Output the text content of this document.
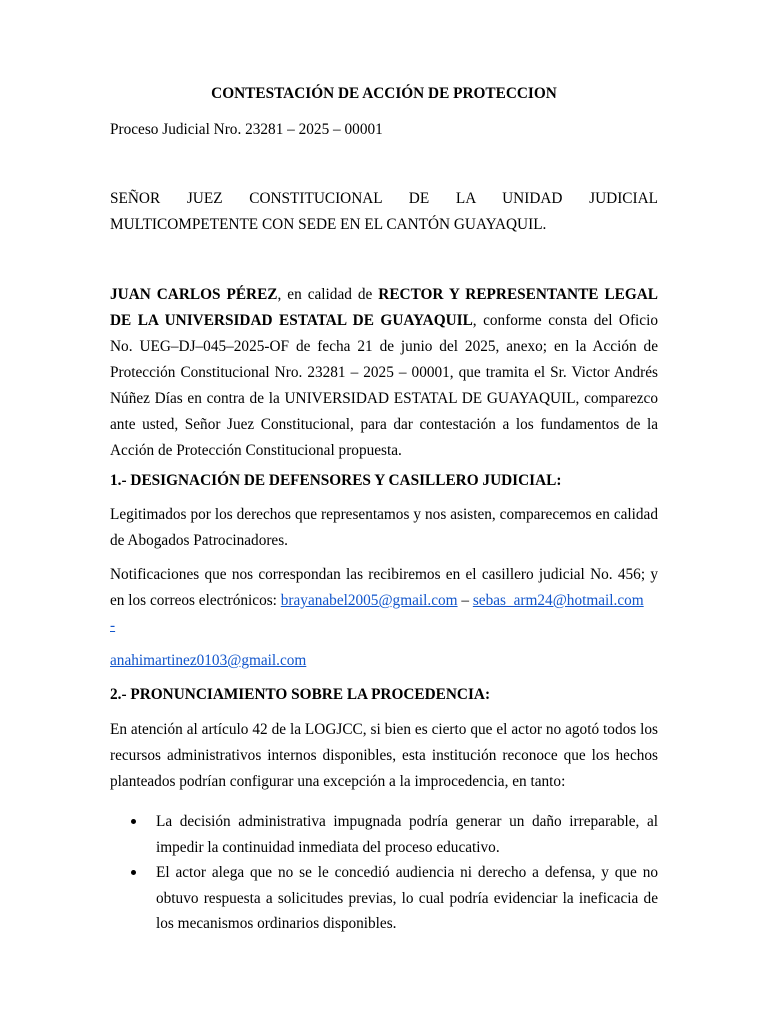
CONTESTACIÓN DE ACCIÓN DE PROTECCION

Proceso Judicial Nro. 23281 – 2025 – 00001

SEÑOR JUEZ CONSTITUCIONAL DE LA UNIDAD JUDICIAL

MULTICOMPETENTE CON SEDE EN EL CANTÓN GUAYAQUIL.

JUAN CARLOS PÉREZ, en calidad de RECTOR Y REPRESENTANTE LEGAL DE LA UNIVERSIDAD ESTATAL DE GUAYAQUIL, conforme consta del Oficio No. UEG–DJ–045–2025-OF de fecha 21 de junio del 2025, anexo; en la Acción de Protección Constitucional Nro. 23281 – 2025 – 00001, que tramita el Sr. Victor Andrés Núñez Días en contra de la UNIVERSIDAD ESTATAL DE GUAYAQUIL, comparezco ante usted, Señor Juez Constitucional, para dar contestación a los fundamentos de la Acción de Protección Constitucional propuesta.

1.- DESIGNACIÓN DE DEFENSORES Y CASILLERO JUDICIAL:

Legitimados por los derechos que representamos y nos asisten, comparecemos en calidad de Abogados Patrocinadores.

Notificaciones que nos correspondan las recibiremos en el casillero judicial No. 456; y en los correos electrónicos: brayanabel2005@gmail.com – sebas_arm24@hotmail.com

-

anahimartinez0103@gmail.com

2.- PRONUNCIAMIENTO SOBRE LA PROCEDENCIA:

En atención al artículo 42 de la LOGJCC, si bien es cierto que el actor no agotó todos los recursos administrativos internos disponibles, esta institución reconoce que los hechos planteados podrían configurar una excepción a la improcedencia, en tanto:

La decisión administrativa impugnada podría generar un daño irreparable, al impedir la continuidad inmediata del proceso educativo.
El actor alega que no se le concedió audiencia ni derecho a defensa, y que no obtuvo respuesta a solicitudes previas, lo cual podría evidenciar la ineficacia de los mecanismos ordinarios disponibles.
